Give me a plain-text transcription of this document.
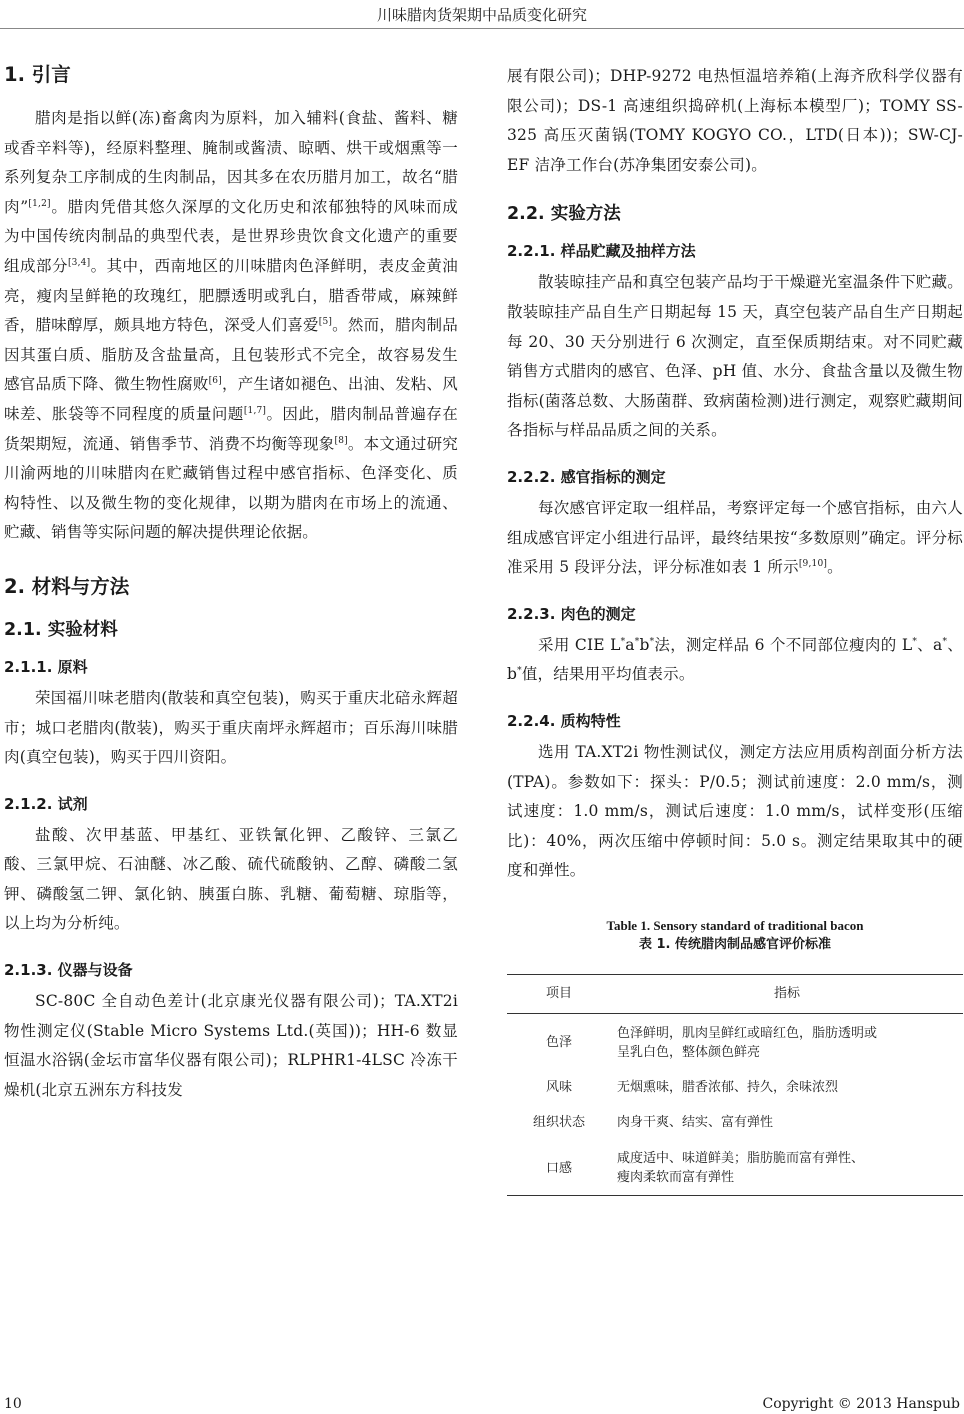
川味腊肉货架期中品质变化研究
1. 引言

腊肉是指以鲜(冻)畜禽肉为原料，加入辅料(食盐、酱料、糖或香辛料等)，经原料整理、腌制或酱渍、晾晒、烘干或烟熏等一系列复杂工序制成的生肉制品，因其多在农历腊月加工，故名“腊肉”[1,2]。腊肉凭借其悠久深厚的文化历史和浓郁独特的风味而成为中国传统肉制品的典型代表，是世界珍贵饮食文化遗产的重要组成部分[3,4]。其中，西南地区的川味腊肉色泽鲜明，表皮金黄油亮，瘦肉呈鲜艳的玫瑰红，肥膘透明或乳白，腊香带咸，麻辣鲜香，腊味醇厚，颇具地方特色，深受人们喜爱[5]。然而，腊肉制品因其蛋白质、脂肪及含盐量高，且包装形式不完全，故容易发生感官品质下降、微生物性腐败[6]，产生诸如褪色、出油、发粘、风味差、胀袋等不同程度的质量问题[1,7]。因此，腊肉制品普遍存在货架期短，流通、销售季节、消费不均衡等现象[8]。本文通过研究川渝两地的川味腊肉在贮藏销售过程中感官指标、色泽变化、质构特性、以及微生物的变化规律，以期为腊肉在市场上的流通、贮藏、销售等实际问题的解决提供理论依据。

2. 材料与方法
2.1. 实验材料
2.1.1. 原料

荣国福川味老腊肉(散装和真空包装)，购买于重庆北碚永辉超市；城口老腊肉(散装)，购买于重庆南坪永辉超市；百乐海川味腊肉(真空包装)，购买于四川资阳。

2.1.2. 试剂

盐酸、次甲基蓝、甲基红、亚铁氰化钾、乙酸锌、三氯乙酸、三氯甲烷、石油醚、冰乙酸、硫代硫酸钠、乙醇、磷酸二氢钾、磷酸氢二钾、氯化钠、胰蛋白胨、乳糖、葡萄糖、琼脂等，以上均为分析纯。

2.1.3. 仪器与设备

SC-80C 全自动色差计(北京康光仪器有限公司)；TA.XT2i 物性测定仪(Stable Micro Systems Ltd.(英国))；HH-6 数显恒温水浴锅(金坛市富华仪器有限公司)；RLPHR1-4LSC 冷冻干燥机(北京五洲东方科技发

展有限公司)；DHP-9272 电热恒温培养箱(上海齐欣科学仪器有限公司)；DS-1 高速组织捣碎机(上海标本模型厂)；TOMY SS-325 高压灭菌锅(TOMY KOGYO CO.，LTD(日本))；SW-CJ-EF 洁净工作台(苏净集团安泰公司)。

2.2. 实验方法
2.2.1. 样品贮藏及抽样方法

散装晾挂产品和真空包装产品均于干燥避光室温条件下贮藏。散装晾挂产品自生产日期起每 15 天，真空包装产品自生产日期起每 20、30 天分别进行 6 次测定，直至保质期结束。对不同贮藏销售方式腊肉的感官、色泽、pH 值、水分、食盐含量以及微生物指标(菌落总数、大肠菌群、致病菌检测)进行测定，观察贮藏期间各指标与样品品质之间的关系。

2.2.2. 感官指标的测定

每次感官评定取一组样品，考察评定每一个感官指标，由六人组成感官评定小组进行品评，最终结果按“多数原则”确定。评分标准采用 5 段评分法，评分标准如表 1 所示[9,10]。

2.2.3. 肉色的测定

采用 CIE L*a*b*法，测定样品 6 个不同部位瘦肉的 L*、a*、b*值，结果用平均值表示。

2.2.4. 质构特性

选用 TA.XT2i 物性测试仪，测定方法应用质构剖面分析方法(TPA)。参数如下：探头：P/0.5；测试前速度：2.0 mm/s，测试速度：1.0 mm/s，测试后速度：1.0 mm/s，试样变形(压缩比)：40%，两次压缩中停顿时间：5.0 s。测定结果取其中的硬度和弹性。

Table 1. Sensory standard of traditional bacon
表 1. 传统腊肉制品感官评价标准
项目	指标
色泽	色泽鲜明，肌肉呈鲜红或暗红色，脂肪透明或
呈乳白色，整体颜色鲜亮
风味	无烟熏味，腊香浓郁、持久，余味浓烈
组织状态	肉身干爽、结实、富有弹性
口感	咸度适中、味道鲜美；脂肪脆而富有弹性、
瘦肉柔软而富有弹性
10	Copyright © 2013 Hanspub
